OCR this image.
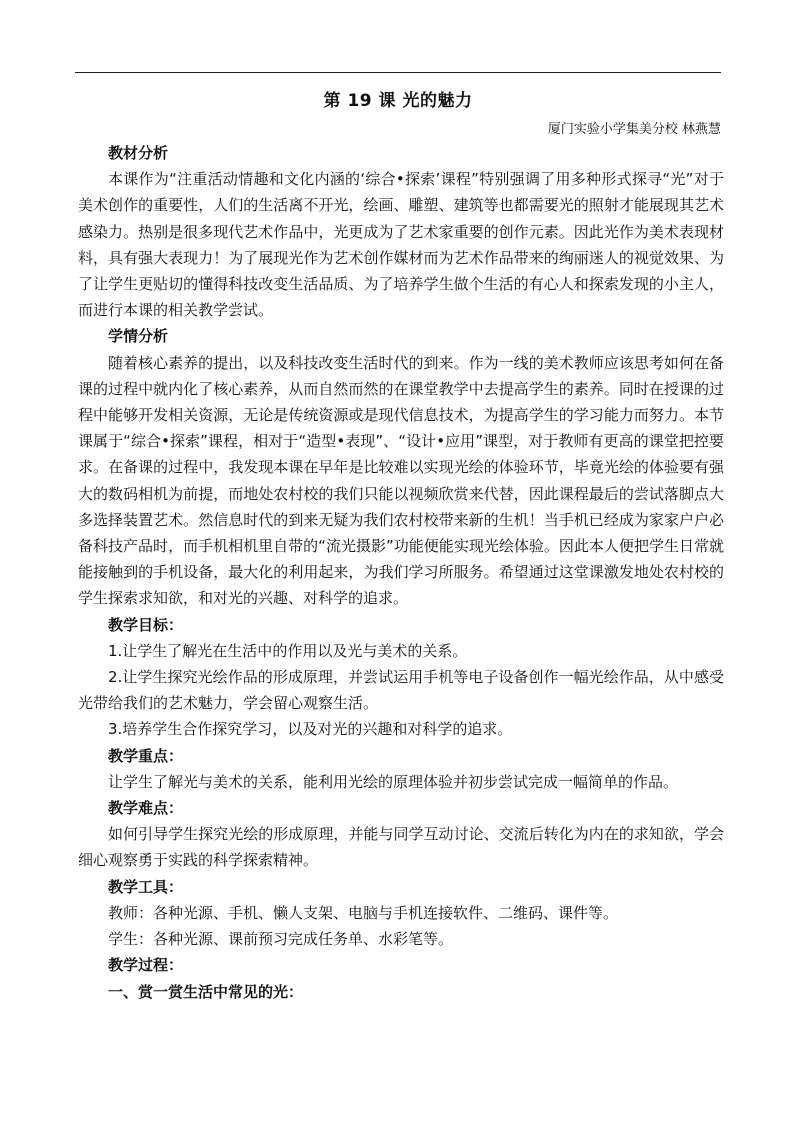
第 19 课 光的魅力
厦门实验小学集美分校 林燕慧

教材分析

本课作为“注重活动情趣和文化内涵的‘综合•探索’课程”特别强调了用多种形式探寻“光”对于美术创作的重要性，人们的生活离不开光，绘画、雕塑、建筑等也都需要光的照射才能展现其艺术感染力。热别是很多现代艺术作品中，光更成为了艺术家重要的创作元素。因此光作为美术表现材料，具有强大表现力！为了展现光作为艺术创作媒材而为艺术作品带来的绚丽迷人的视觉效果、为了让学生更贴切的懂得科技改变生活品质、为了培养学生做个生活的有心人和探索发现的小主人，而进行本课的相关教学尝试。

学情分析

随着核心素养的提出，以及科技改变生活时代的到来。作为一线的美术教师应该思考如何在备课的过程中就内化了核心素养，从而自然而然的在课堂教学中去提高学生的素养。同时在授课的过程中能够开发相关资源，无论是传统资源或是现代信息技术，为提高学生的学习能力而努力。本节课属于“综合•探索”课程，相对于“造型•表现”、“设计•应用”课型，对于教师有更高的课堂把控要求。在备课的过程中，我发现本课在早年是比较难以实现光绘的体验环节，毕竟光绘的体验要有强大的数码相机为前提，而地处农村校的我们只能以视频欣赏来代替，因此课程最后的尝试落脚点大多选择装置艺术。然信息时代的到来无疑为我们农村校带来新的生机！当手机已经成为家家户户必备科技产品时，而手机相机里自带的“流光摄影”功能便能实现光绘体验。因此本人便把学生日常就能接触到的手机设备，最大化的利用起来，为我们学习所服务。希望通过这堂课激发地处农村校的学生探索求知欲，和对光的兴趣、对科学的追求。

教学目标：

1.让学生了解光在生活中的作用以及光与美术的关系。

2.让学生探究光绘作品的形成原理，并尝试运用手机等电子设备创作一幅光绘作品，从中感受光带给我们的艺术魅力，学会留心观察生活。

3.培养学生合作探究学习，以及对光的兴趣和对科学的追求。

教学重点：

让学生了解光与美术的关系，能利用光绘的原理体验并初步尝试完成一幅简单的作品。

教学难点：

如何引导学生探究光绘的形成原理，并能与同学互动讨论、交流后转化为内在的求知欲，学会细心观察勇于实践的科学探索精神。

教学工具：

教师：各种光源、手机、懒人支架、电脑与手机连接软件、二维码、课件等。

学生：各种光源、课前预习完成任务单、水彩笔等。

教学过程：

一、赏一赏生活中常见的光：
